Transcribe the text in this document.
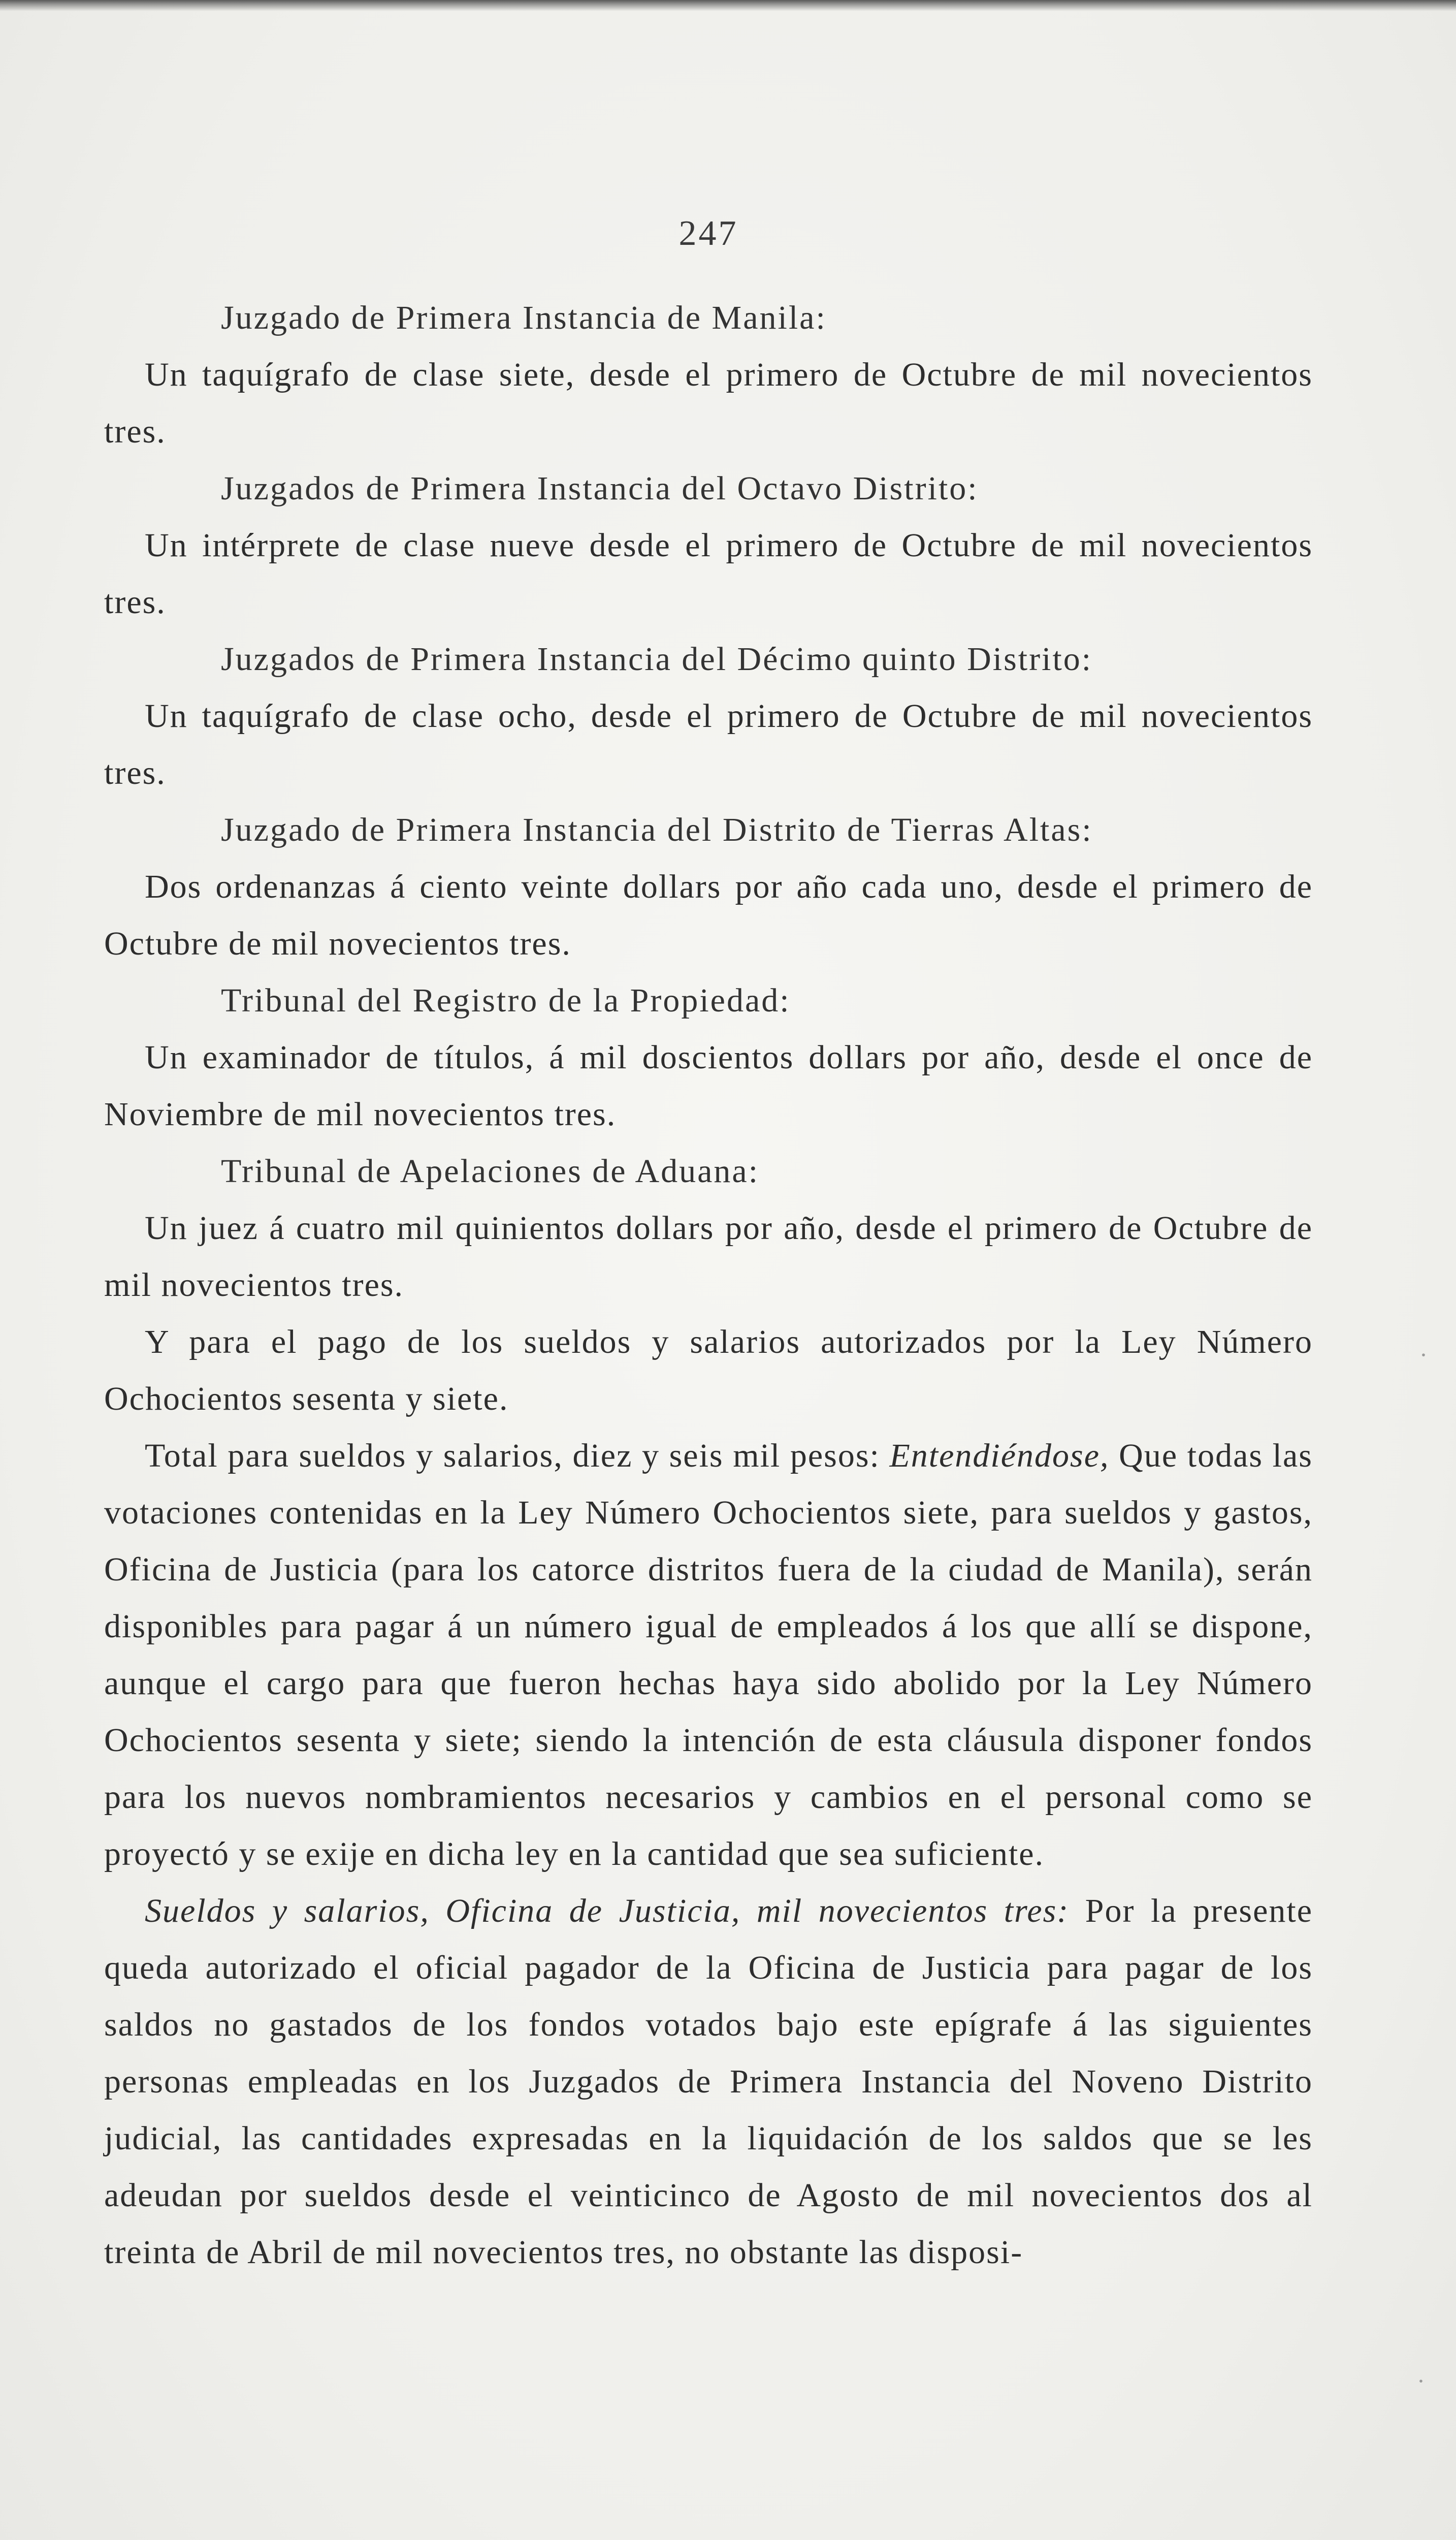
247

Juzgado de Primera Instancia de Manila:

Un taquígrafo de clase siete, desde el primero de Octubre de mil novecientos tres.

Juzgados de Primera Instancia del Octavo Distrito:

Un intérprete de clase nueve desde el primero de Octubre de mil novecientos tres.

Juzgados de Primera Instancia del Décimo quinto Distrito:

Un taquígrafo de clase ocho, desde el primero de Octubre de mil novecientos tres.

Juzgado de Primera Instancia del Distrito de Tierras Altas:

Dos ordenanzas á ciento veinte dollars por año cada uno, desde el primero de Octubre de mil novecientos tres.

Tribunal del Registro de la Propiedad:

Un examinador de títulos, á mil doscientos dollars por año, desde el once de Noviembre de mil novecientos tres.

Tribunal de Apelaciones de Aduana:

Un juez á cuatro mil quinientos dollars por año, desde el primero de Octubre de mil novecientos tres.

Y para el pago de los sueldos y salarios autorizados por la Ley Número Ochocientos sesenta y siete.

Total para sueldos y salarios, diez y seis mil pesos: Entendiéndose, Que todas las votaciones contenidas en la Ley Número Ochocientos siete, para sueldos y gastos, Oficina de Justicia (para los catorce distritos fuera de la ciudad de Manila), serán disponibles para pagar á un número igual de empleados á los que allí se dispone, aunque el cargo para que fueron hechas haya sido abolido por la Ley Número Ochocientos sesenta y siete; siendo la intención de esta cláusula disponer fondos para los nuevos nombramientos necesarios y cambios en el personal como se proyectó y se exije en dicha ley en la cantidad que sea suficiente.

Sueldos y salarios, Oficina de Justicia, mil novecientos tres: Por la presente queda autorizado el oficial pagador de la Oficina de Justicia para pagar de los saldos no gastados de los fondos votados bajo este epígrafe á las siguientes personas empleadas en los Juzgados de Primera Instancia del Noveno Distrito judicial, las cantidades expresadas en la liquidación de los saldos que se les adeudan por sueldos desde el veinticinco de Agosto de mil novecientos dos al treinta de Abril de mil novecientos tres, no obstante las disposi-

·
·
